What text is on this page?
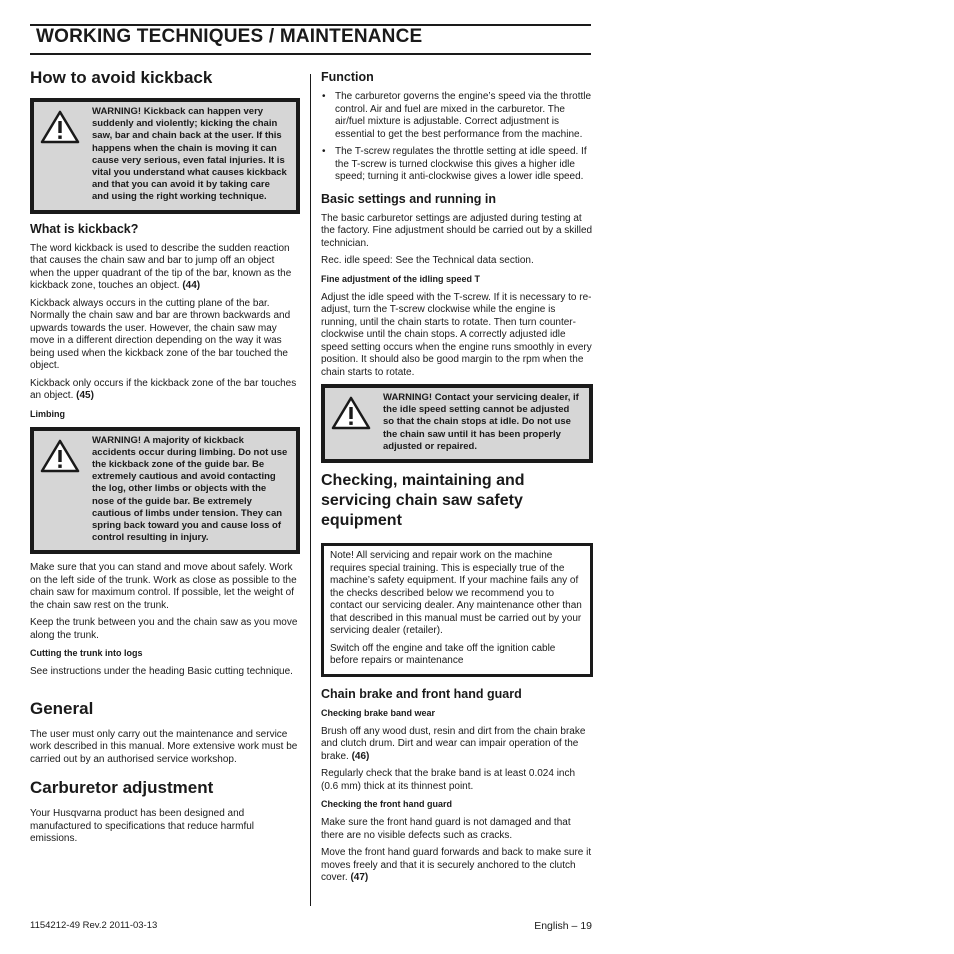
WORKING TECHNIQUES / MAINTENANCE
How to avoid kickback
WARNING! Kickback can happen very suddenly and violently; kicking the chain saw, bar and chain back at the user. If this happens when the chain is moving it can cause very serious, even fatal injuries. It is vital you understand what causes kickback and that you can avoid it by taking care and using the right working technique.
What is kickback?

The word kickback is used to describe the sudden reaction that causes the chain saw and bar to jump off an object when the upper quadrant of the tip of the bar, known as the kickback zone, touches an object. (44)

Kickback always occurs in the cutting plane of the bar. Normally the chain saw and bar are thrown backwards and upwards towards the user. However, the chain saw may move in a different direction depending on the way it was being used when the kickback zone of the bar touched the object.

Kickback only occurs if the kickback zone of the bar touches an object. (45)

Limbing
WARNING! A majority of kickback accidents occur during limbing. Do not use the kickback zone of the guide bar. Be extremely cautious and avoid contacting the log, other limbs or objects with the nose of the guide bar. Be extremely cautious of limbs under tension. They can spring back toward you and cause loss of control resulting in injury.

Make sure that you can stand and move about safely. Work on the left side of the trunk. Work as close as possible to the chain saw for maximum control. If possible, let the weight of the chain saw rest on the trunk.

Keep the trunk between you and the chain saw as you move along the trunk.

Cutting the trunk into logs

See instructions under the heading Basic cutting technique.

General

The user must only carry out the maintenance and service work described in this manual. More extensive work must be carried out by an authorised service workshop.

Carburetor adjustment

Your Husqvarna product has been designed and manufactured to specifications that reduce harmful emissions.

Function
• The carburetor governs the engine’s speed via the throttle control. Air and fuel are mixed in the carburetor. The air/fuel mixture is adjustable. Correct adjustment is essential to get the best performance from the machine.
• The T-screw regulates the throttle setting at idle speed. If the T-screw is turned clockwise this gives a higher idle speed; turning it anti-clockwise gives a lower idle speed.
Basic settings and running in

The basic carburetor settings are adjusted during testing at the factory. Fine adjustment should be carried out by a skilled technician.

Rec. idle speed: See the Technical data section.

Fine adjustment of the idling speed T

Adjust the idle speed with the T-screw. If it is necessary to re-adjust, turn the T-screw clockwise while the engine is running, until the chain starts to rotate. Then turn counter-clockwise until the chain stops. A correctly adjusted idle speed setting occurs when the engine runs smoothly in every position. It should also be good margin to the rpm when the chain starts to rotate.

WARNING! Contact your servicing dealer, if the idle speed setting cannot be adjusted so that the chain stops at idle. Do not use the chain saw until it has been properly adjusted or repaired.
Checking, maintaining and servicing chain saw safety equipment

Note! All servicing and repair work on the machine requires special training. This is especially true of the machine’s safety equipment. If your machine fails any of the checks described below we recommend you to contact our servicing dealer. Any maintenance other than that described in this manual must be carried out by your servicing dealer (retailer).

Switch off the engine and take off the ignition cable before repairs or maintenance

Chain brake and front hand guard
Checking brake band wear

Brush off any wood dust, resin and dirt from the chain brake and clutch drum. Dirt and wear can impair operation of the brake. (46)

Regularly check that the brake band is at least 0.024 inch (0.6 mm) thick at its thinnest point.

Checking the front hand guard

Make sure the front hand guard is not damaged and that there are no visible defects such as cracks.

Move the front hand guard forwards and back to make sure it moves freely and that it is securely anchored to the clutch cover. (47)

1154212-49 Rev.2 2011-03-13	English – 19
